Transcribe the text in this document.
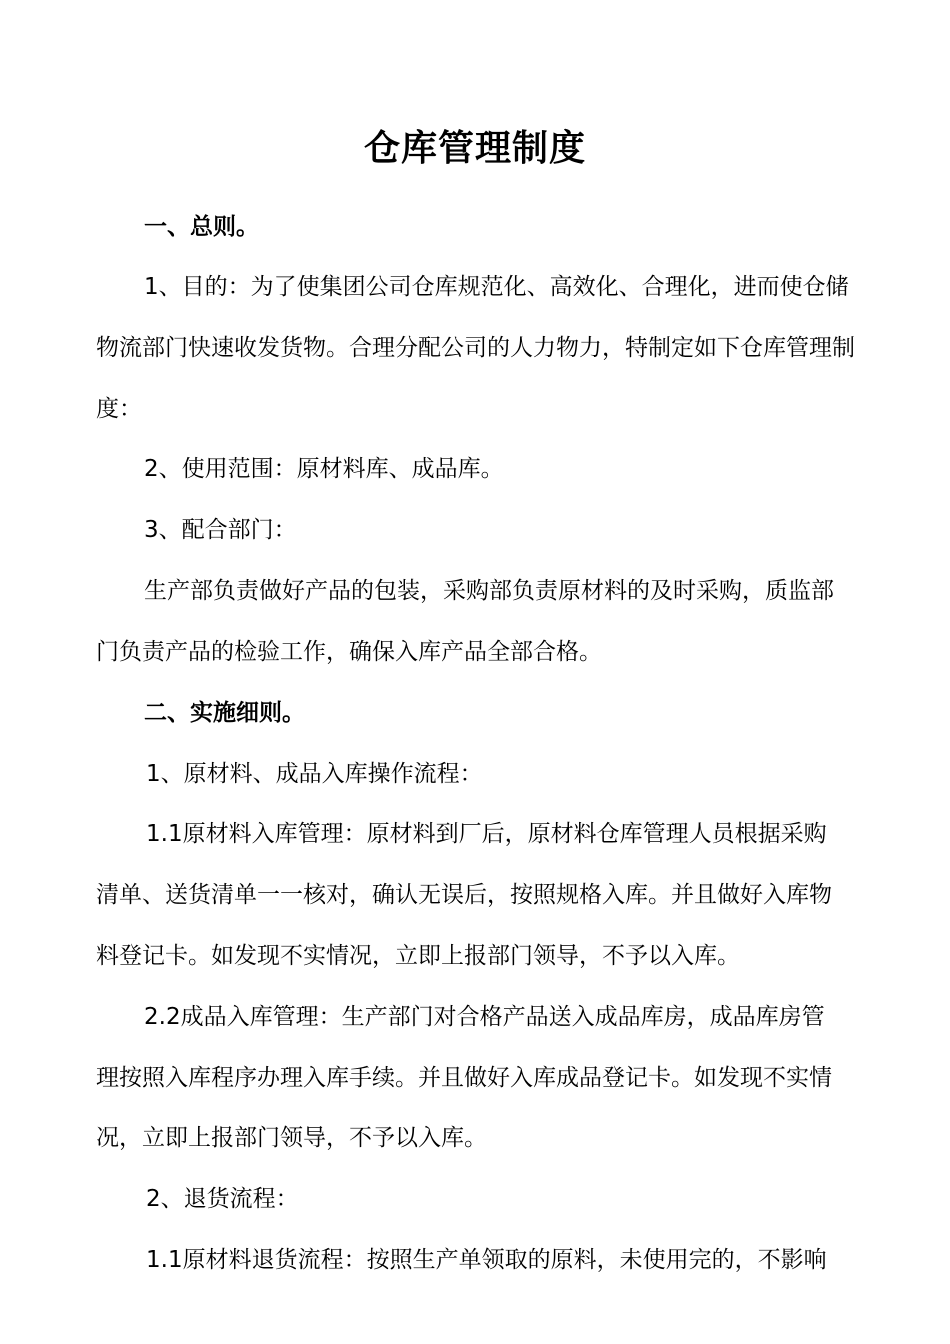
仓库管理制度
一、总则。
1、目的：为了使集团公司仓库规范化、高效化、合理化，进而使仓储
物流部门快速收发货物。合理分配公司的人力物力，特制定如下仓库管理制
度：
2、使用范围：原材料库、成品库。
3、配合部门：
生产部负责做好产品的包装，采购部负责原材料的及时采购，质监部
门负责产品的检验工作，确保入库产品全部合格。
二、实施细则。
1、原材料、成品入库操作流程：
1.1原材料入库管理：原材料到厂后，原材料仓库管理人员根据采购
清单、送货清单一一核对，确认无误后，按照规格入库。并且做好入库物
料登记卡。如发现不实情况，立即上报部门领导，不予以入库。
2.2成品入库管理：生产部门对合格产品送入成品库房，成品库房管
理按照入库程序办理入库手续。并且做好入库成品登记卡。如发现不实情
况，立即上报部门领导，不予以入库。
2、退货流程：
1.1原材料退货流程：按照生产单领取的原料，未使用完的，不影响
